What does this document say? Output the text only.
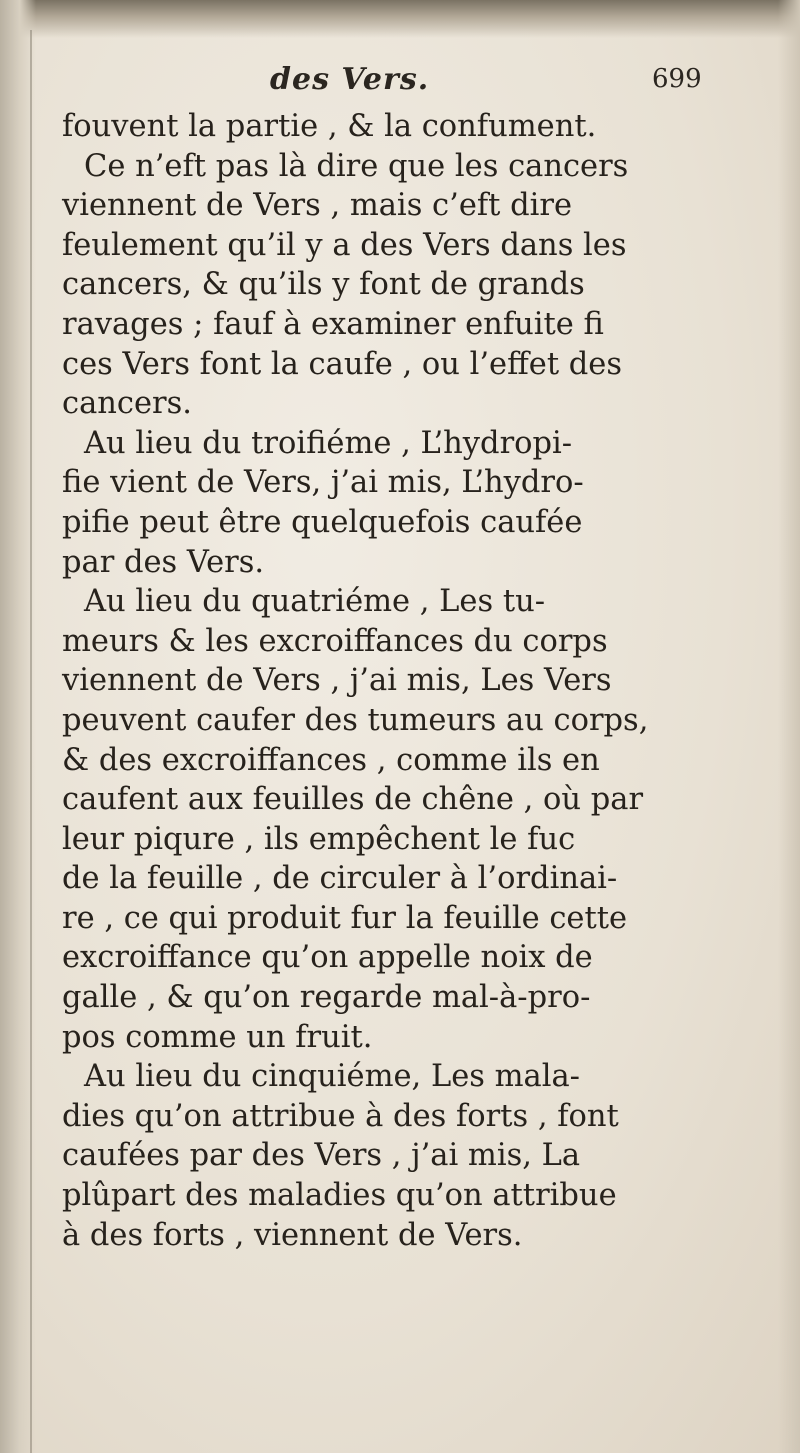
des Vers.	699
fouvent la partie , & la confument.
Ce n’eft pas là dire que les cancers
viennent de Vers , mais c’eft dire
feulement qu’il y a des Vers dans les
cancers, & qu’ils y font de grands
ravages ; fauf à examiner enfuite fi
ces Vers font la caufe , ou l’effet des
cancers.
Au lieu du troifiéme , L’hydropi-
fie vient de Vers, j’ai mis, L’hydro-
pifie peut être quelquefois caufée
par des Vers.
Au lieu du quatriéme , Les tu-
meurs & les excroiffances du corps
viennent de Vers , j’ai mis, Les Vers
peuvent caufer des tumeurs au corps,
& des excroiffances , comme ils en
caufent aux feuilles de chêne , où par
leur piqure , ils empêchent le fuc
de la feuille , de circuler à l’ordinai-
re , ce qui produit fur la feuille cette
excroiffance qu’on appelle noix de
galle , & qu’on regarde mal-à-pro-
pos comme un fruit.
Au lieu du cinquiéme, Les mala-
dies qu’on attribue à des forts , font
caufées par des Vers , j’ai mis, La
plûpart des maladies qu’on attribue
à des forts , viennent de Vers.
